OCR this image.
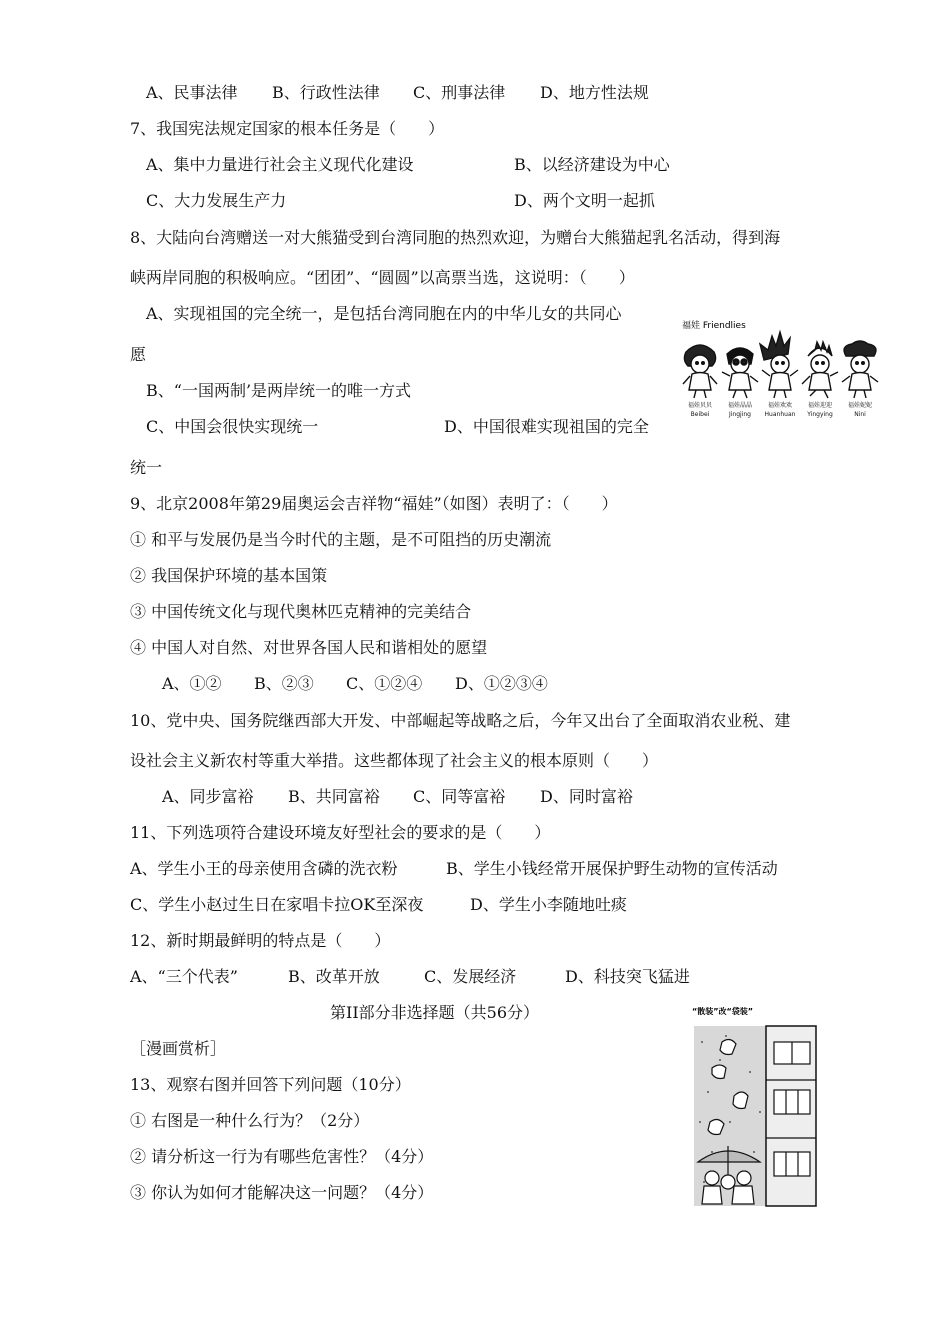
A、民事法律 B、行政性法律 C、刑事法律 D、地方性法规
7、我国宪法规定国家的根本任务是（　　）
A、集中力量进行社会主义现代化建设	B、以经济建设为中心
C、大力发展生产力	D、两个文明一起抓
8、大陆向台湾赠送一对大熊猫受到台湾同胞的热烈欢迎，为赠台大熊猫起乳名活动，得到海
峡两岸同胞的积极响应。“团团”、“圆圆”以高票当选，这说明：（　　）
A、实现祖国的完全统一，是包括台湾同胞在内的中华儿女的共同心
愿
B、“一国两制’是两岸统一的唯一方式
C、中国会很快实现统一	D、中国很难实现祖国的完全
统一
福娃 Friendlies
福娃贝贝	福娃晶晶	福娃欢欢	福娃迎迎	福娃妮妮
Beibei	Jingjing Huanhuan Yingying	Nini
9、北京2008年第29届奥运会吉祥物“福娃”（如图）表明了：（　　）
① 和平与发展仍是当今时代的主题，是不可阻挡的历史潮流
② 我国保护环境的基本国策
③ 中国传统文化与现代奥林匹克精神的完美结合
④ 中国人对自然、对世界各国人民和谐相处的愿望
A、①② B、②③ C、①②④ D、①②③④
10、党中央、国务院继西部大开发、中部崛起等战略之后，今年又出台了全面取消农业税、建
设社会主义新农村等重大举措。这些都体现了社会主义的根本原则（　　）
A、同步富裕 B、共同富裕 C、同等富裕 D、同时富裕
11、下列选项符合建设环境友好型社会的要求的是（　　）
A、学生小王的母亲使用含磷的洗衣粉	B、学生小钱经常开展保护野生动物的宣传活动
C、学生小赵过生日在家唱卡拉OK至深夜	D、学生小李随地吐痰
12、新时期最鲜明的特点是（　　）
A、“三个代表”	B、改革开放	C、发展经济	D、科技突飞猛进
第II部分非选择题（共56分）
［漫画赏析］
13、观察右图并回答下列问题（10分）
① 右图是一种什么行为？（2分）
② 请分析这一行为有哪些危害性？（4分）
③ 你认为如何才能解决这一问题？（4分）
“散装”改“袋装”
